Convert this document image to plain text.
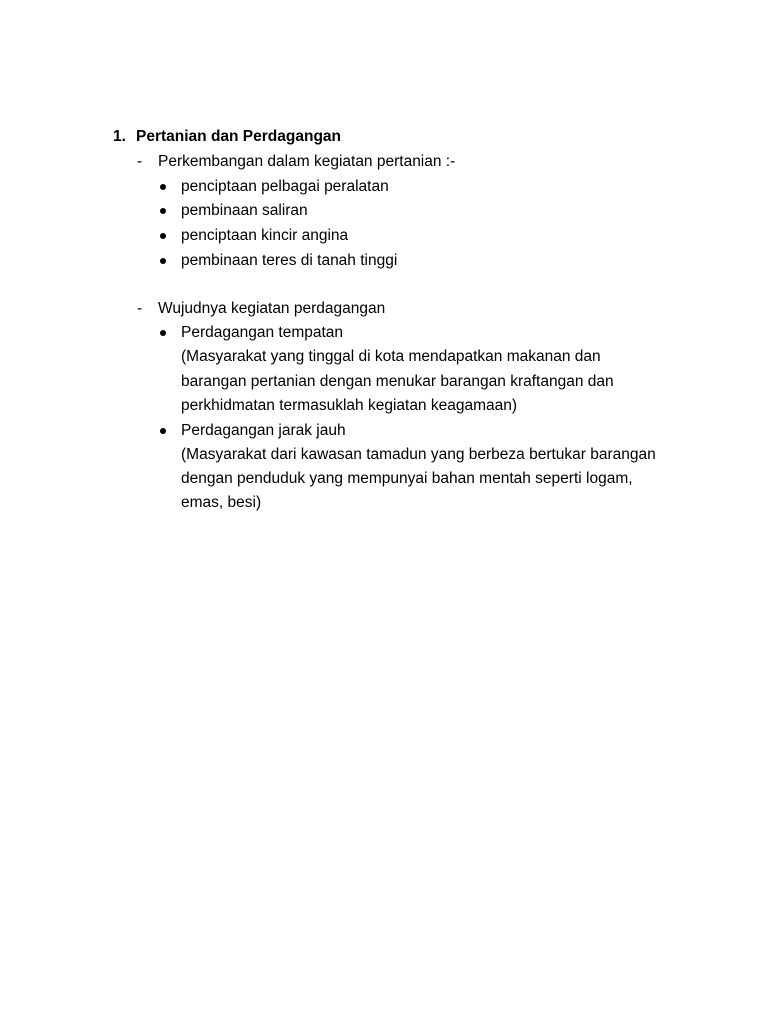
1. Pertanian dan Perdagangan
- Perkembangan dalam kegiatan pertanian :-
penciptaan pelbagai peralatan
pembinaan saliran
penciptaan kincir angina
pembinaan teres di tanah tinggi
- Wujudnya kegiatan perdagangan
Perdagangan tempatan
(Masyarakat yang tinggal di kota mendapatkan makanan dan
barangan pertanian dengan menukar barangan kraftangan dan
perkhidmatan termasuklah kegiatan keagamaan)
Perdagangan jarak jauh
(Masyarakat dari kawasan tamadun yang berbeza bertukar barangan
dengan penduduk yang mempunyai bahan mentah seperti logam,
emas, besi)
